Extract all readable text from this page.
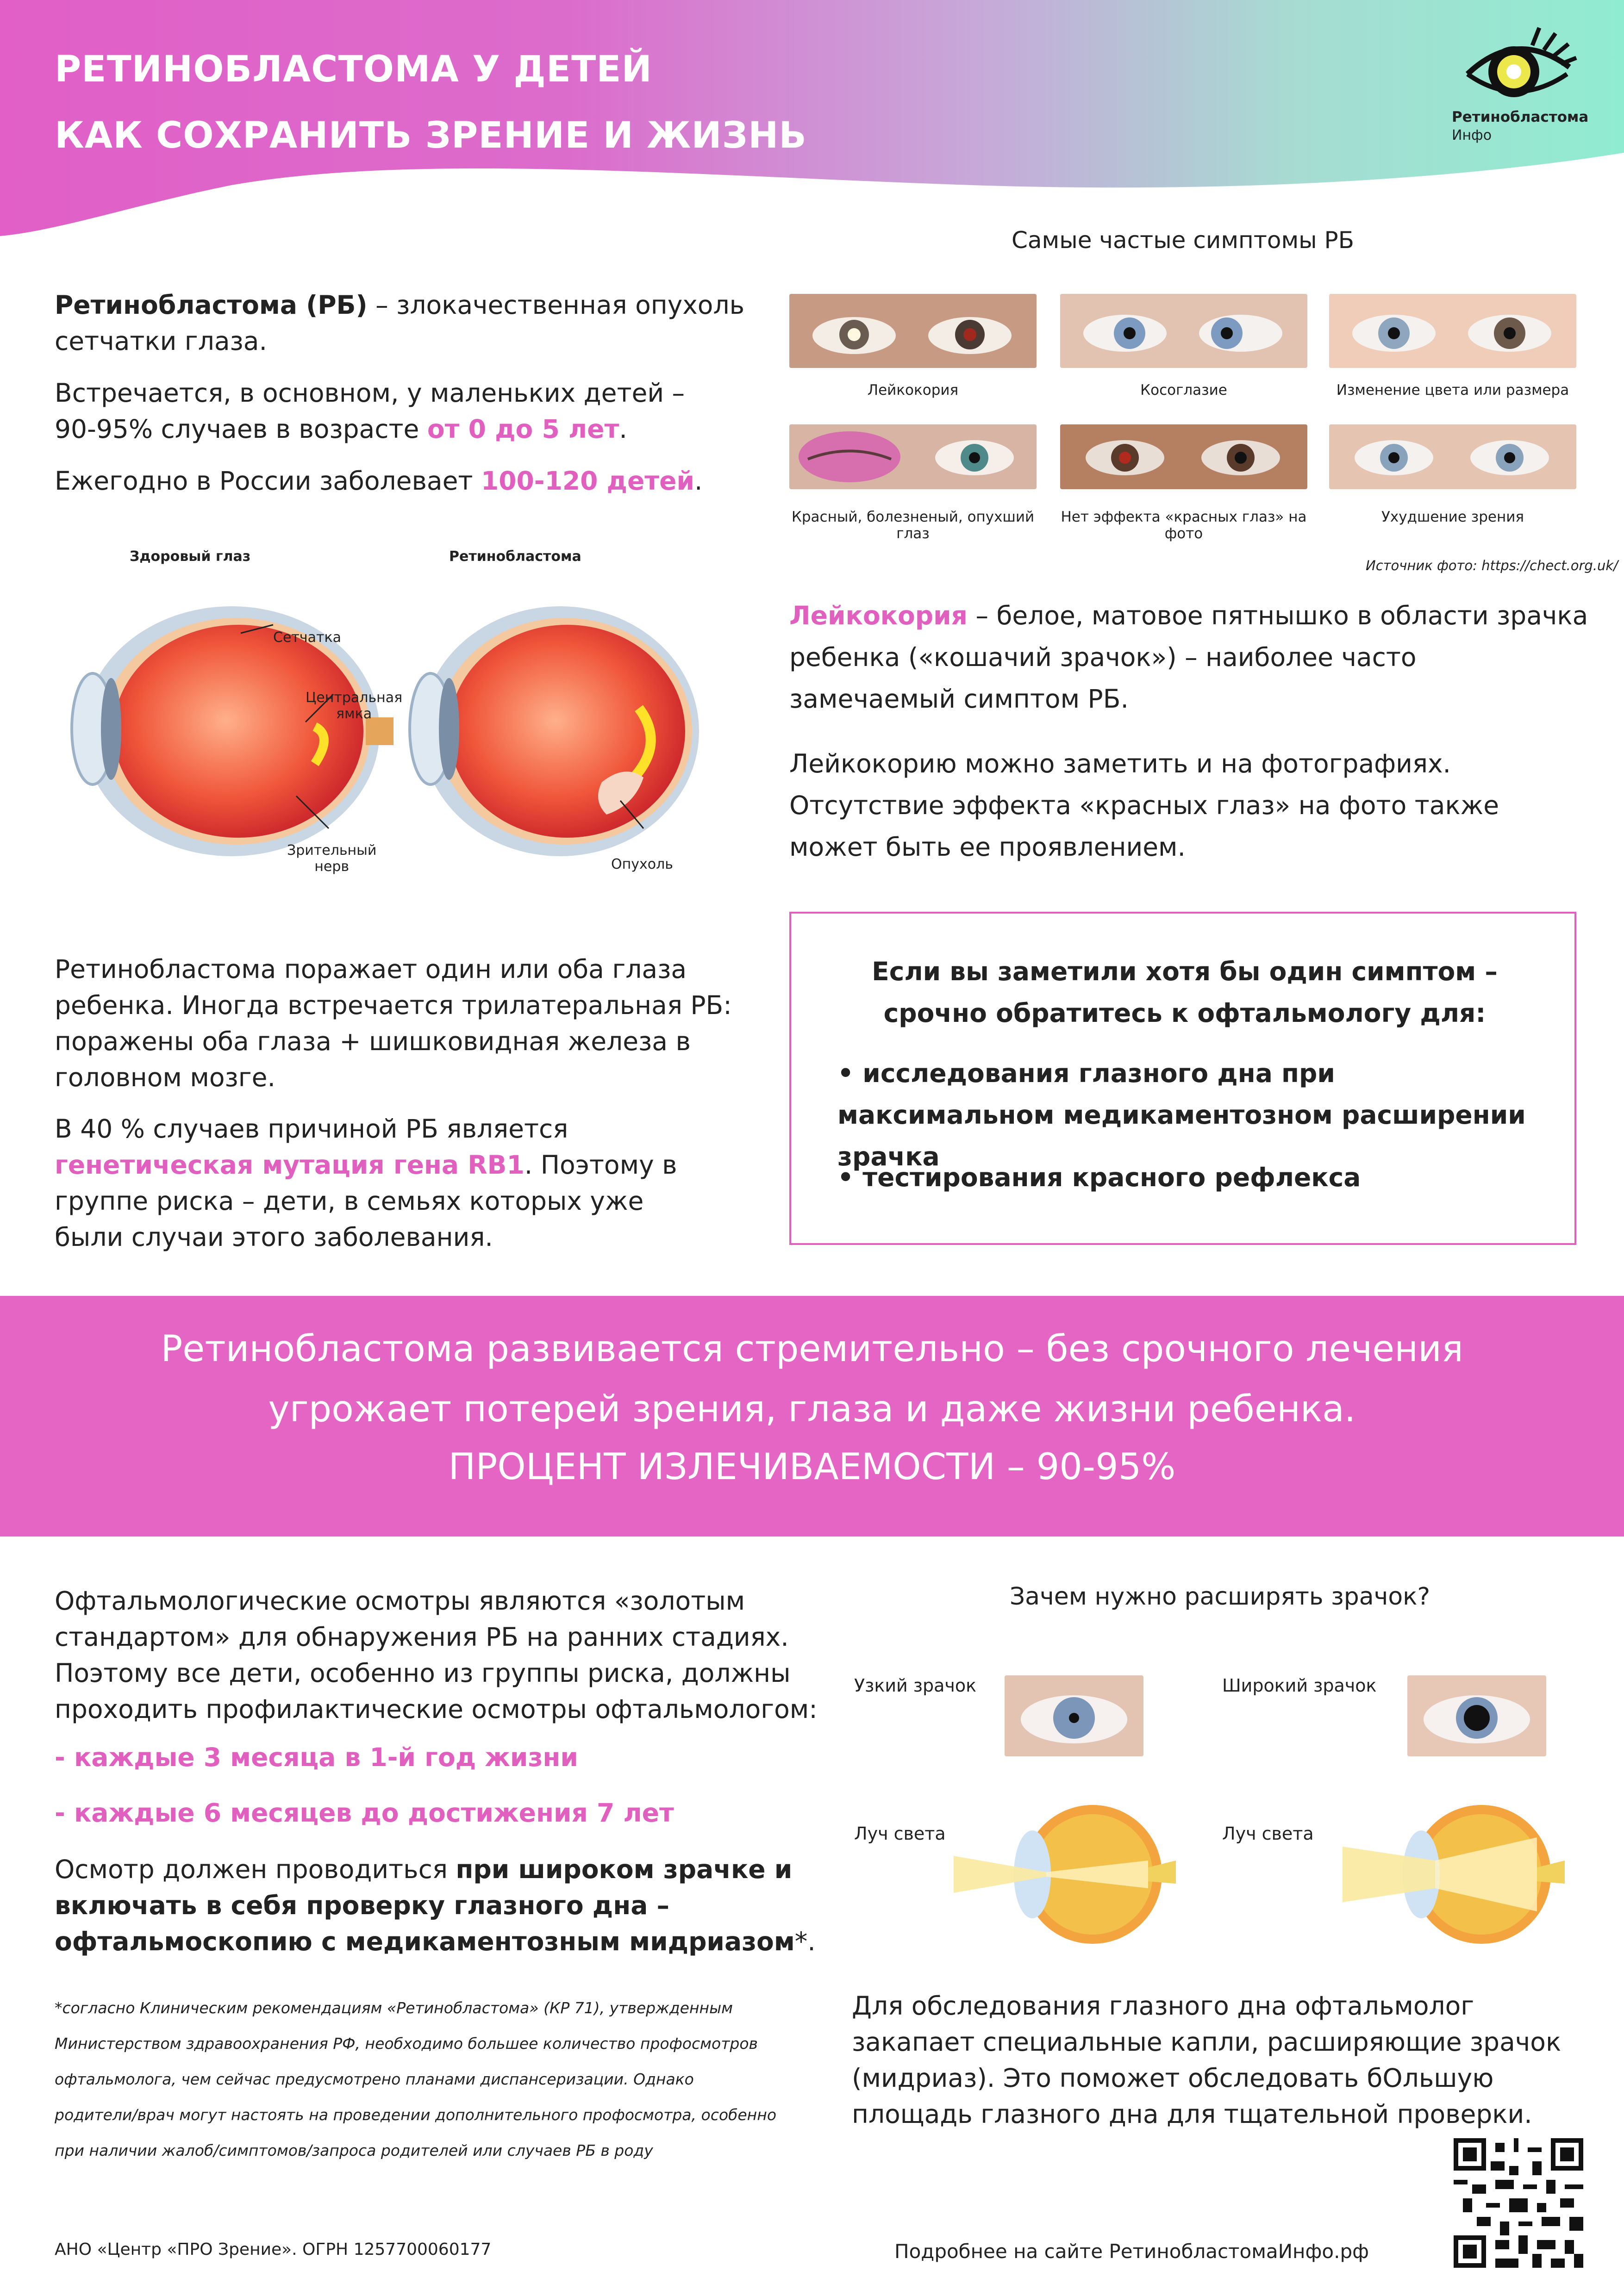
РЕТИНОБЛАСТОМА У ДЕТЕЙ
КАК СОХРАНИТЬ ЗРЕНИЕ И ЖИЗНЬ	Ретинобластома
Инфо
Ретинобластома (РБ) – злокачественная опухоль сетчатки глаза.
Встречается, в основном, у маленьких детей – 90-95% случаев в возрасте от 0 до 5 лет.
Ежегодно в России заболевает 100-120 детей.
Здоровый глаз	Ретинобластома
Сетчатка
Центральная
ямка
Зрительный
нерв	Опухоль
Ретинобластома поражает один или оба глаза ребенка. Иногда встречается трилатеральная РБ: поражены оба глаза + шишковидная железа в головном мозге.
В 40 % случаев причиной РБ является генетическая мутация гена RB1. Поэтому в группе риска – дети, в семьях которых уже были случаи этого заболевания.
Самые частые симптомы РБ
Лейкокория	Косоглазие	Изменение цвета или размера
Красный, болезненый, опухший глаз
Нет эффекта «красных глаз» на фото
Ухудшение зрения
Источник фото: https://chect.org.uk/
Лейкокория – белое, матовое пятнышко в области зрачка ребенка («кошачий зрачок») – наиболее часто замечаемый симптом РБ.
Лейкокорию можно заметить и на фотографиях. Отсутствие эффекта «красных глаз» на фото также может быть ее проявлением.
Если вы заметили хотя бы один симптом – срочно обратитесь к офтальмологу для:
• исследования глазного дна при максимальном медикаментозном расширении зрачка
• тестирования красного рефлекса
Ретинобластома развивается стремительно – без срочного лечения
угрожает потерей зрения, глаза и даже жизни ребенка.
ПРОЦЕНТ ИЗЛЕЧИВАЕМОСТИ – 90-95%
Офтальмологические осмотры являются «золотым стандартом» для обнаружения РБ на ранних стадиях. Поэтому все дети, особенно из группы риска, должны проходить профилактические осмотры офтальмологом:
- каждые 3 месяца в 1-й год жизни
- каждые 6 месяцев до достижения 7 лет
Осмотр должен проводиться при широком зрачке и включать в себя проверку глазного дна – офтальмоскопию с медикаментозным мидриазом*.
*согласно Клиническим рекомендациям «Ретинобластома» (КР 71), утвержденным Министерством здравоохранения РФ, необходимо большее количество профосмотров офтальмолога, чем сейчас предусмотрено планами диспансеризации. Однако родители/врач могут настоять на проведении дополнительного профосмотра, особенно при наличии жалоб/симптомов/запроса родителей или случаев РБ в роду
Зачем нужно расширять зрачок?
Узкий зрачок	Широкий зрачок
Луч света	Луч света
Для обследования глазного дна офтальмолог закапает специальные капли, расширяющие зрачок (мидриаз). Это поможет обследовать бОльшую площадь глазного дна для тщательной проверки.
АНО «Центр «ПРО Зрение». ОГРН 1257700060177	Подробнее на сайте РетинобластомаИнфо.рф
